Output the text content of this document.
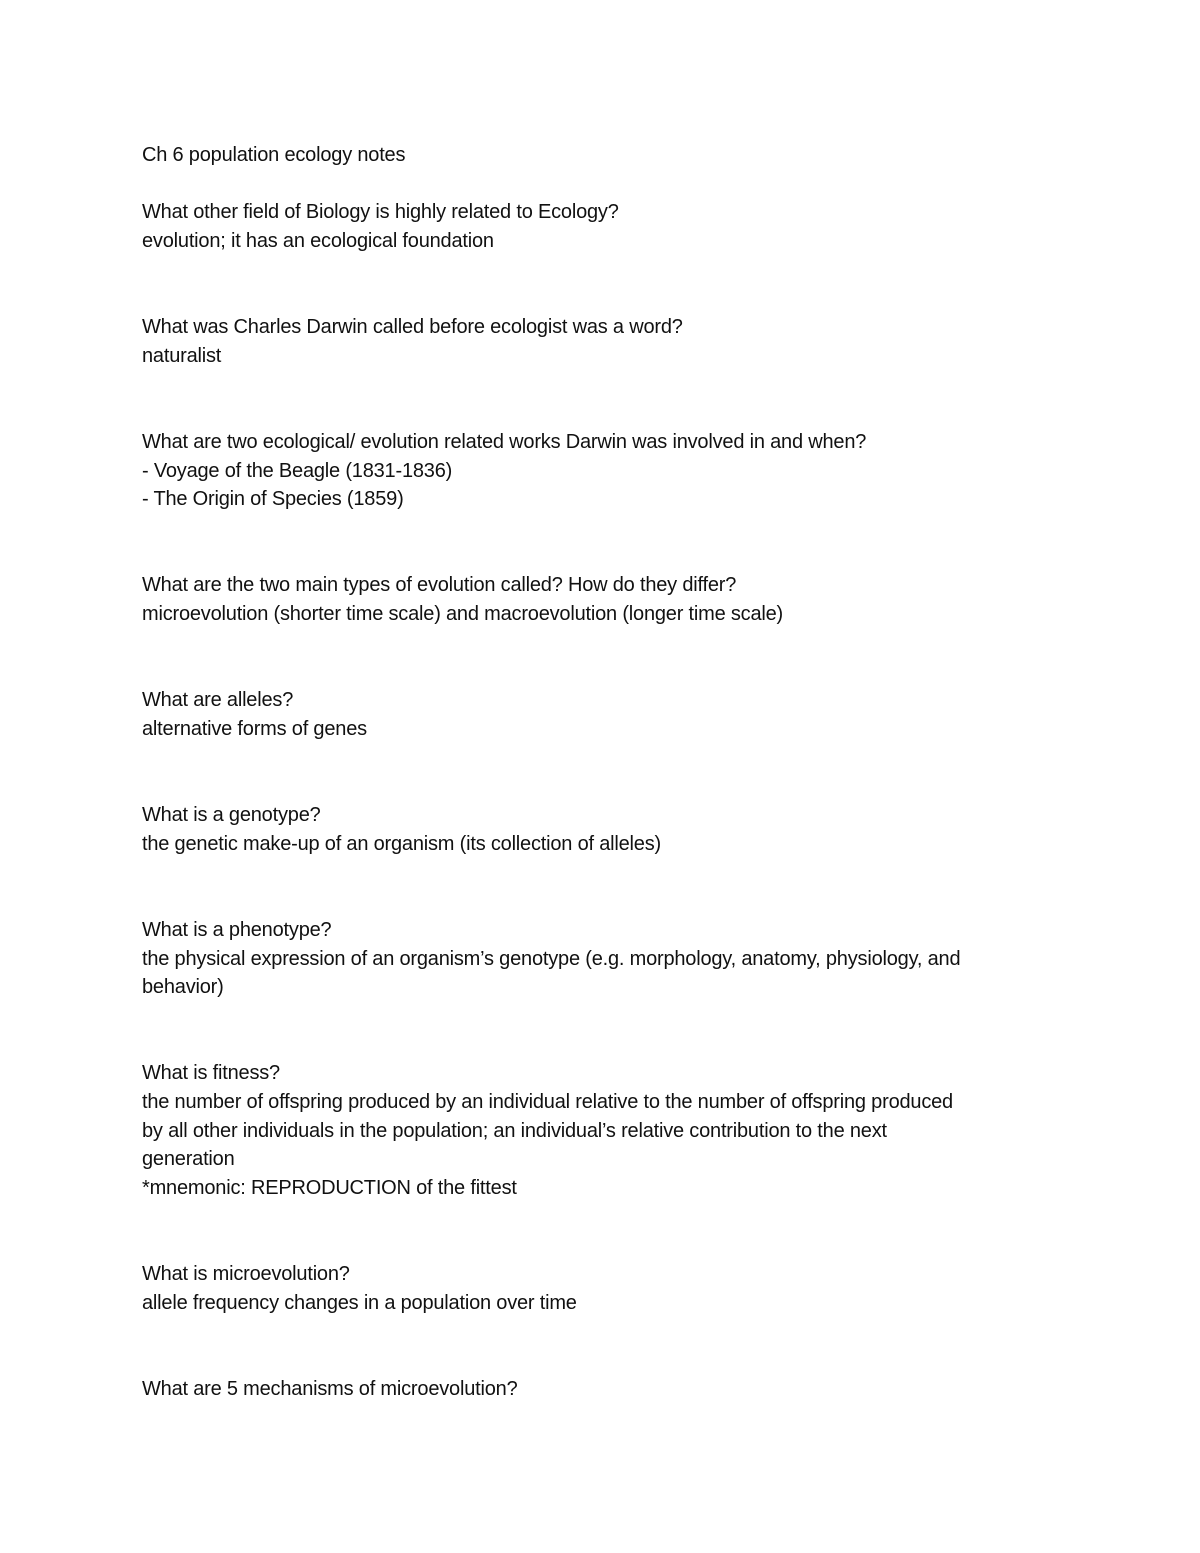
Ch 6 population ecology notes
What other field of Biology is highly related to Ecology?
evolution; it has an ecological foundation
What was Charles Darwin called before ecologist was a word?
naturalist
What are two ecological/ evolution related works Darwin was involved in and when?
- Voyage of the Beagle (1831-1836)
- The Origin of Species (1859)
What are the two main types of evolution called? How do they differ?
microevolution (shorter time scale) and macroevolution (longer time scale)
What are alleles?
alternative forms of genes
What is a genotype?
the genetic make-up of an organism (its collection of alleles)
What is a phenotype?
the physical expression of an organism’s genotype (e.g. morphology, anatomy, physiology, and
behavior)
What is fitness?
the number of offspring produced by an individual relative to the number of offspring produced
by all other individuals in the population; an individual’s relative contribution to the next
generation
*mnemonic: REPRODUCTION of the fittest
What is microevolution?
allele frequency changes in a population over time
What are 5 mechanisms of microevolution?
